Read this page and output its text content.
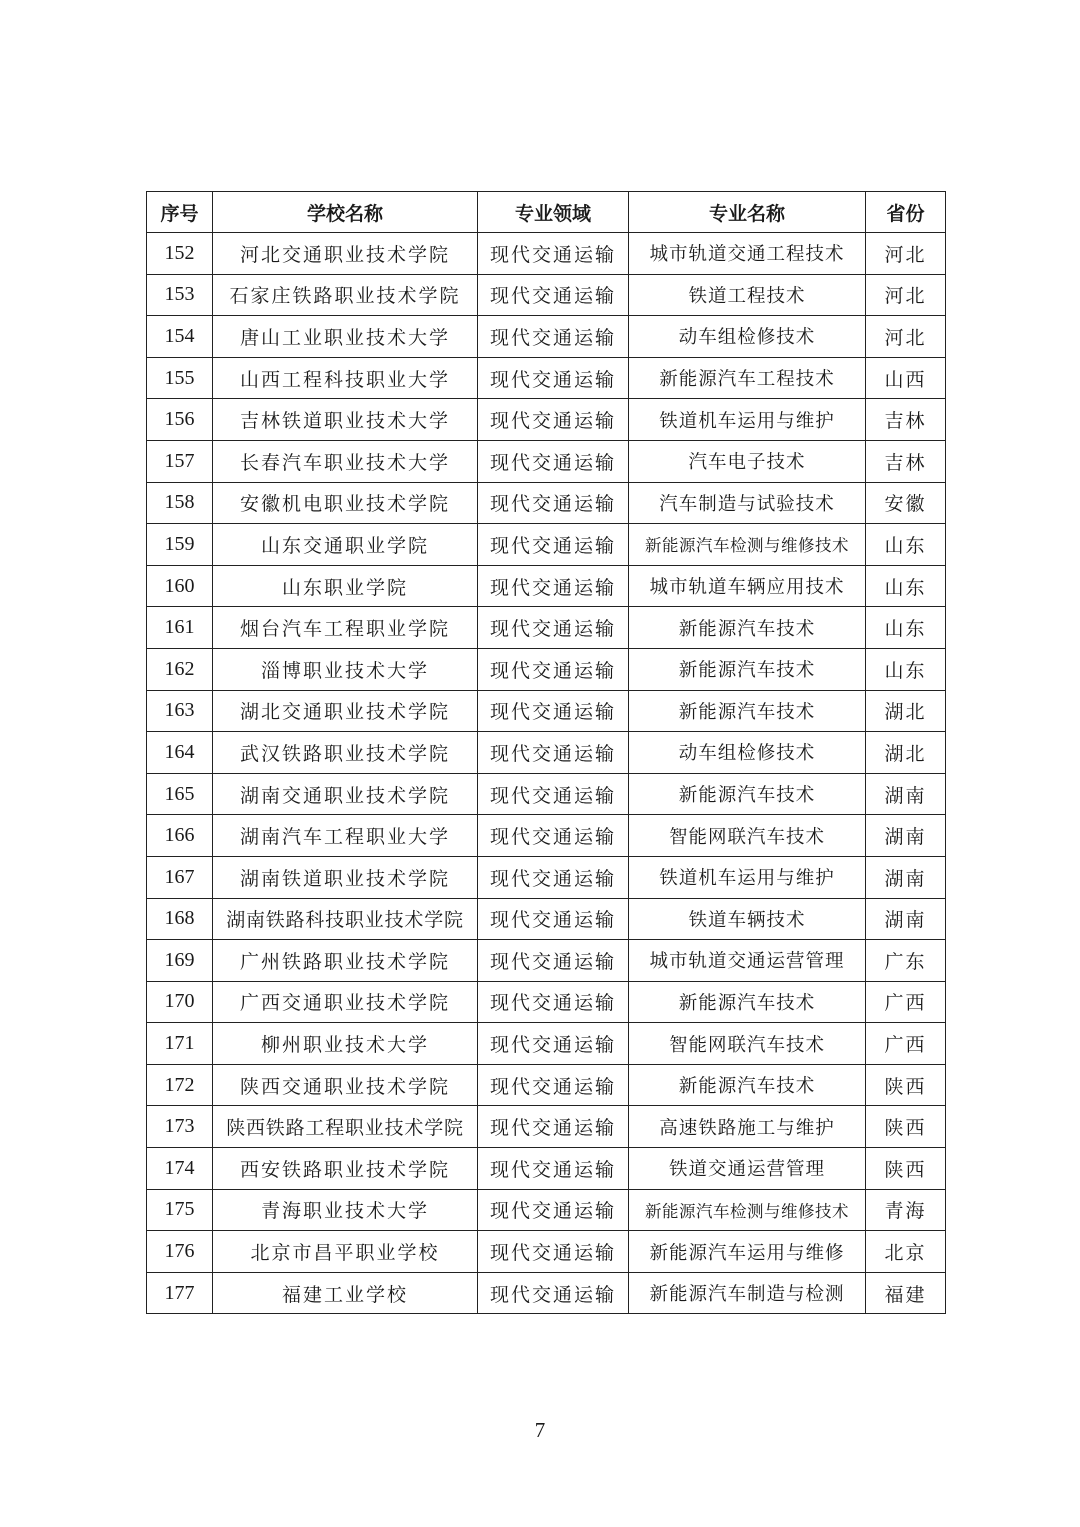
序号	学校名称	专业领域	专业名称	省份
152	河北交通职业技术学院	现代交通运输	城市轨道交通工程技术	河北
153	石家庄铁路职业技术学院	现代交通运输	铁道工程技术	河北
154	唐山工业职业技术大学	现代交通运输	动车组检修技术	河北
155	山西工程科技职业大学	现代交通运输	新能源汽车工程技术	山西
156	吉林铁道职业技术大学	现代交通运输	铁道机车运用与维护	吉林
157	长春汽车职业技术大学	现代交通运输	汽车电子技术	吉林
158	安徽机电职业技术学院	现代交通运输	汽车制造与试验技术	安徽
159	山东交通职业学院	现代交通运输	新能源汽车检测与维修技术	山东
160	山东职业学院	现代交通运输	城市轨道车辆应用技术	山东
161	烟台汽车工程职业学院	现代交通运输	新能源汽车技术	山东
162	淄博职业技术大学	现代交通运输	新能源汽车技术	山东
163	湖北交通职业技术学院	现代交通运输	新能源汽车技术	湖北
164	武汉铁路职业技术学院	现代交通运输	动车组检修技术	湖北
165	湖南交通职业技术学院	现代交通运输	新能源汽车技术	湖南
166	湖南汽车工程职业大学	现代交通运输	智能网联汽车技术	湖南
167	湖南铁道职业技术学院	现代交通运输	铁道机车运用与维护	湖南
168	湖南铁路科技职业技术学院	现代交通运输	铁道车辆技术	湖南
169	广州铁路职业技术学院	现代交通运输	城市轨道交通运营管理	广东
170	广西交通职业技术学院	现代交通运输	新能源汽车技术	广西
171	柳州职业技术大学	现代交通运输	智能网联汽车技术	广西
172	陕西交通职业技术学院	现代交通运输	新能源汽车技术	陕西
173	陕西铁路工程职业技术学院	现代交通运输	高速铁路施工与维护	陕西
174	西安铁路职业技术学院	现代交通运输	铁道交通运营管理	陕西
175	青海职业技术大学	现代交通运输	新能源汽车检测与维修技术	青海
176	北京市昌平职业学校	现代交通运输	新能源汽车运用与维修	北京
177	福建工业学校	现代交通运输	新能源汽车制造与检测	福建
7
